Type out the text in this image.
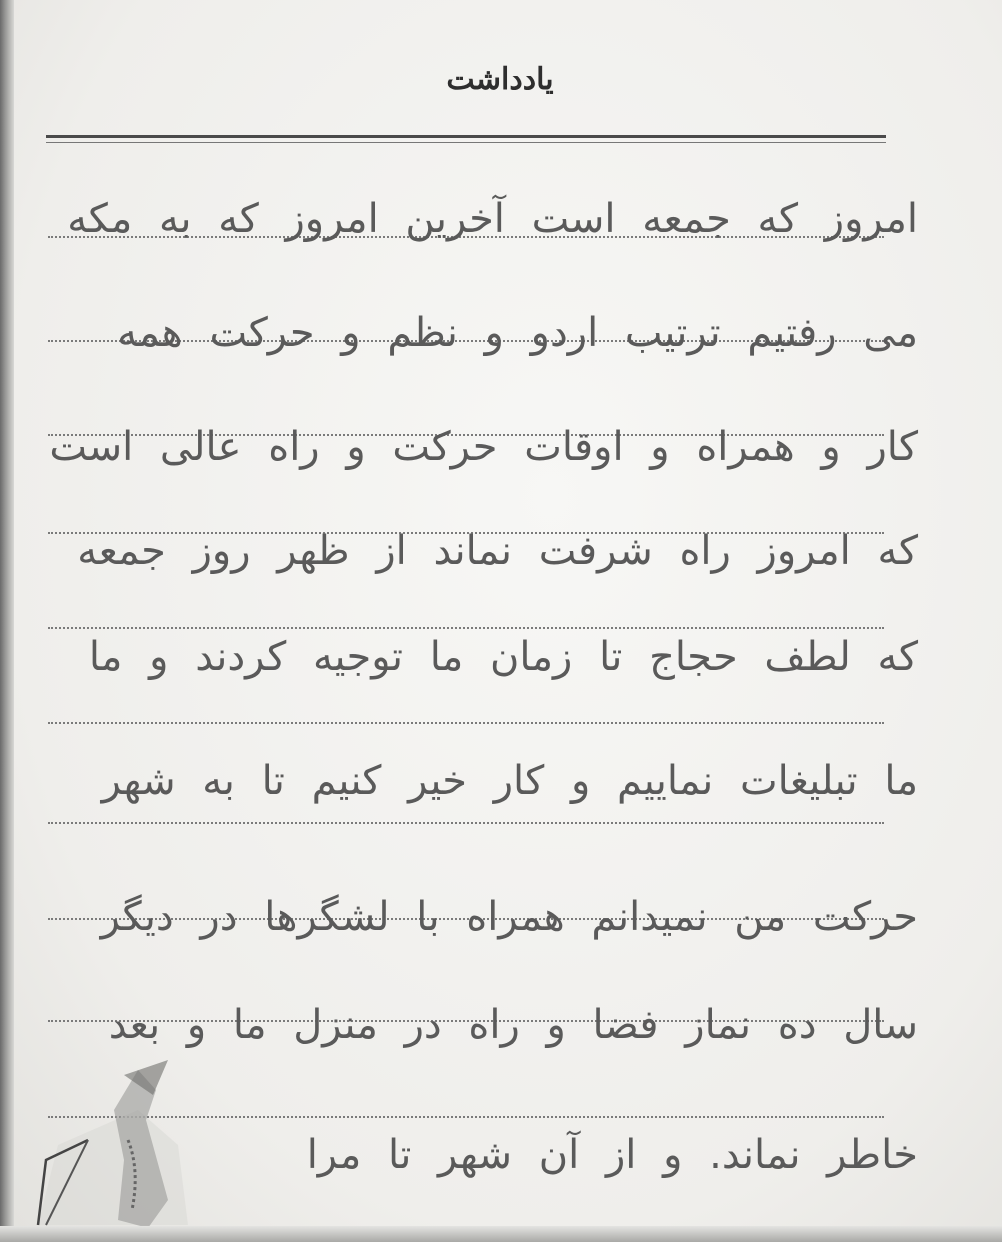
یادداشت
امروز که جمعه است آخرین امروز که به مکه
می رفتیم ترتیب اردو و نظم و حرکت همه
کار و همراه و اوقات حرکت و راه عالی است
که امروز راه شرفت نماند از ظهر روز جمعه
که لطف حجاج تا زمان ما توجیه کردند و ما
ما تبلیغات نماییم و کار خیر کنیم تا به شهر
حرکت من نمیدانم همراه با لشگرها در دیگر
سال ده نماز فضا و راه در منزل ما و بعد
خاطر نماند. و از آن شهر تا مرا
